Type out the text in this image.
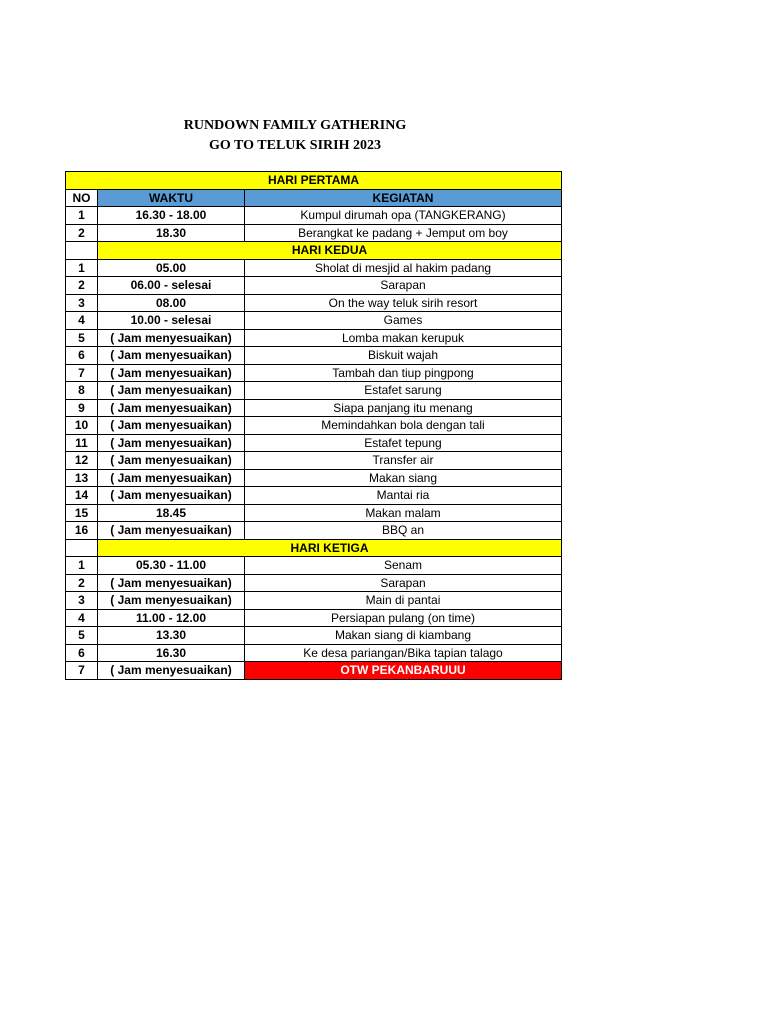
RUNDOWN FAMILY GATHERING
GO TO TELUK SIRIH 2023
HARI PERTAMA		
NO	WAKTU	KEGIATAN
1	16.30 - 18.00	Kumpul dirumah opa (TANGKERANG)
2	18.30	Berangkat ke padang + Jemput om boy
	HARI KEDUA	
1	05.00	Sholat di mesjid al hakim padang
2	06.00 - selesai	Sarapan
3	08.00	On the way teluk sirih resort
4	10.00 - selesai	Games
5	( Jam menyesuaikan)	Lomba makan kerupuk
6	( Jam menyesuaikan)	Biskuit wajah
7	( Jam menyesuaikan)	Tambah dan tiup pingpong
8	( Jam menyesuaikan)	Estafet sarung
9	( Jam menyesuaikan)	Siapa panjang itu menang
10	( Jam menyesuaikan)	Memindahkan bola dengan tali
11	( Jam menyesuaikan)	Estafet tepung
12	( Jam menyesuaikan)	Transfer air
13	( Jam menyesuaikan)	Makan siang
14	( Jam menyesuaikan)	Mantai ria
15	18.45	Makan malam
16	( Jam menyesuaikan)	BBQ an
	HARI KETIGA	
1	05.30 - 11.00	Senam
2	( Jam menyesuaikan)	Sarapan
3	( Jam menyesuaikan)	Main di pantai
4	11.00 - 12.00	Persiapan pulang (on time)
5	13.30	Makan siang di kiambang
6	16.30	Ke desa pariangan/Bika tapian talago
7	( Jam menyesuaikan)	OTW PEKANBARUUU
